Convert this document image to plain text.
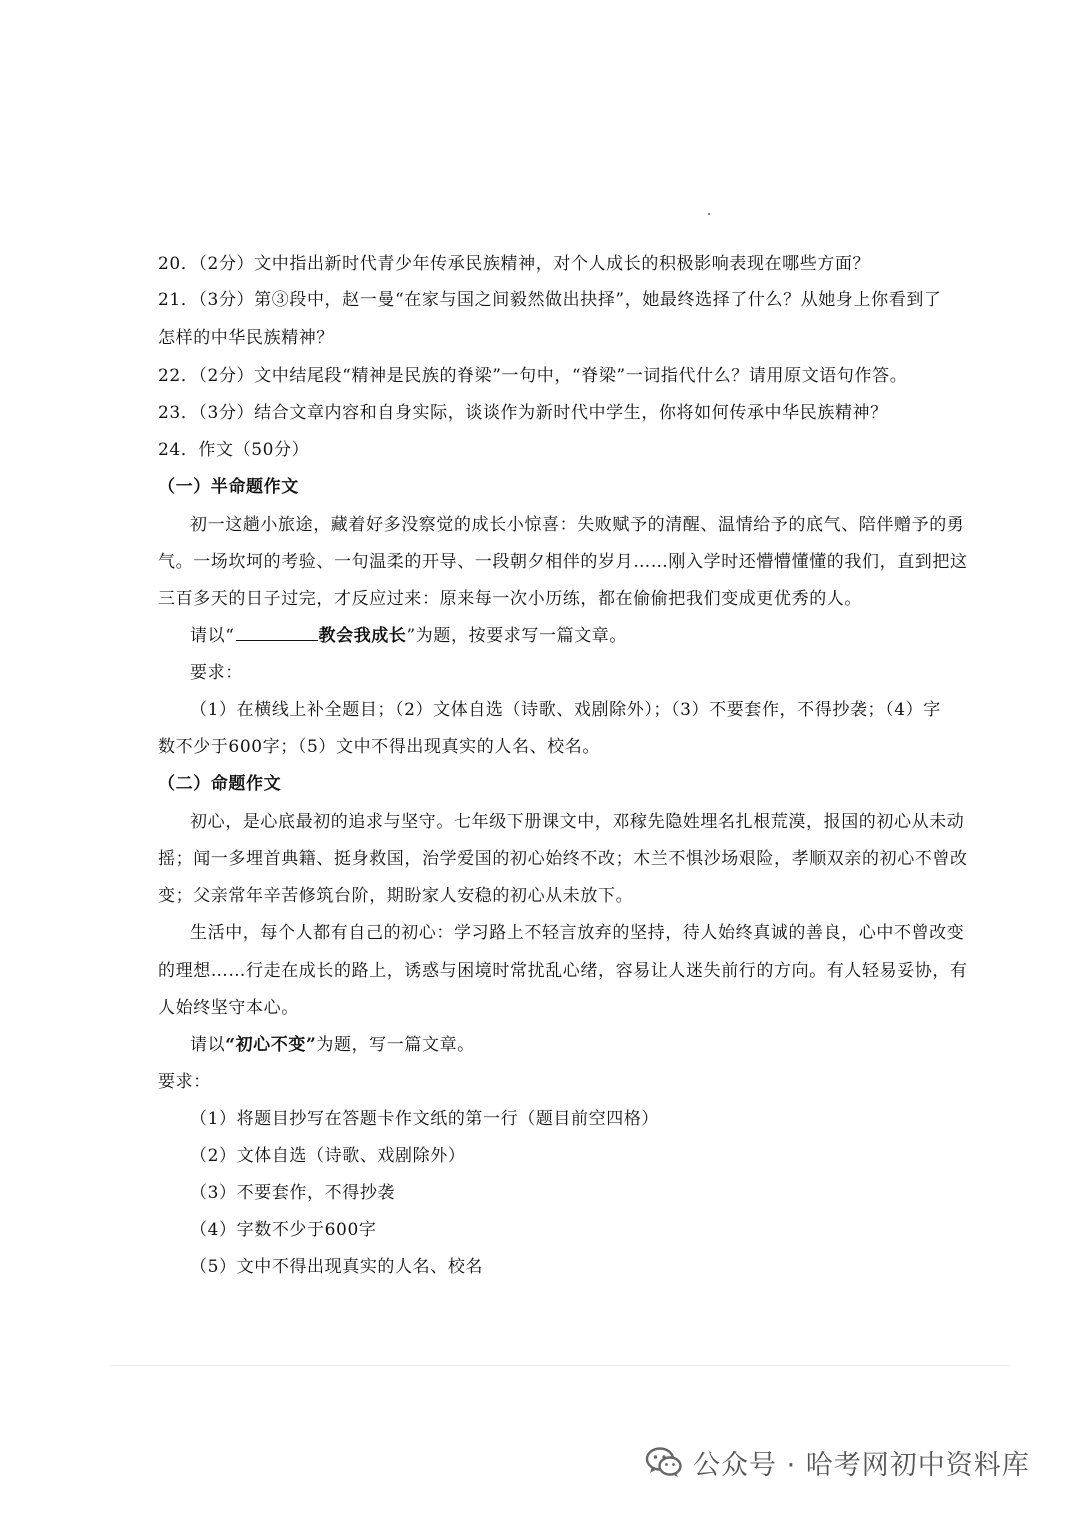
20．（2分）文中指出新时代青少年传承民族精神，对个人成长的积极影响表现在哪些方面？
21．（3分）第③段中，赵一曼“在家与国之间毅然做出抉择”，她最终选择了什么？从她身上你看到了
怎样的中华民族精神？
22．（2分）文中结尾段“精神是民族的脊梁”一句中，“脊梁”一词指代什么？请用原文语句作答。
23．（3分）结合文章内容和自身实际，谈谈作为新时代中学生，你将如何传承中华民族精神？
24．作文（50分）
（一）半命题作文
初一这趟小旅途，藏着好多没察觉的成长小惊喜：失败赋予的清醒、温情给予的底气、陪伴赠予的勇
气。一场坎坷的考验、一句温柔的开导、一段朝夕相伴的岁月……刚入学时还懵懵懂懂的我们，直到把这
三百多天的日子过完，才反应过来：原来每一次小历练，都在偷偷把我们变成更优秀的人。
请以“	教会我成长”为题，按要求写一篇文章。
要求：
（1）在横线上补全题目；（2）文体自选（诗歌、戏剧除外）；（3）不要套作，不得抄袭；（4）字
数不少于600字；（5）文中不得出现真实的人名、校名。
（二）命题作文
初心，是心底最初的追求与坚守。七年级下册课文中，邓稼先隐姓埋名扎根荒漠，报国的初心从未动
摇；闻一多埋首典籍、挺身救国，治学爱国的初心始终不改；木兰不惧沙场艰险，孝顺双亲的初心不曾改
变；父亲常年辛苦修筑台阶，期盼家人安稳的初心从未放下。
生活中，每个人都有自己的初心：学习路上不轻言放弃的坚持，待人始终真诚的善良，心中不曾改变
的理想……行走在成长的路上，诱惑与困境时常扰乱心绪，容易让人迷失前行的方向。有人轻易妥协，有
人始终坚守本心。
请以“初心不变”为题，写一篇文章。
要求：
（1）将题目抄写在答题卡作文纸的第一行（题目前空四格）
（2）文体自选（诗歌、戏剧除外）
（3）不要套作，不得抄袭
（4）字数不少于600字
（5）文中不得出现真实的人名、校名
公众号 · 哈考网初中资料库
